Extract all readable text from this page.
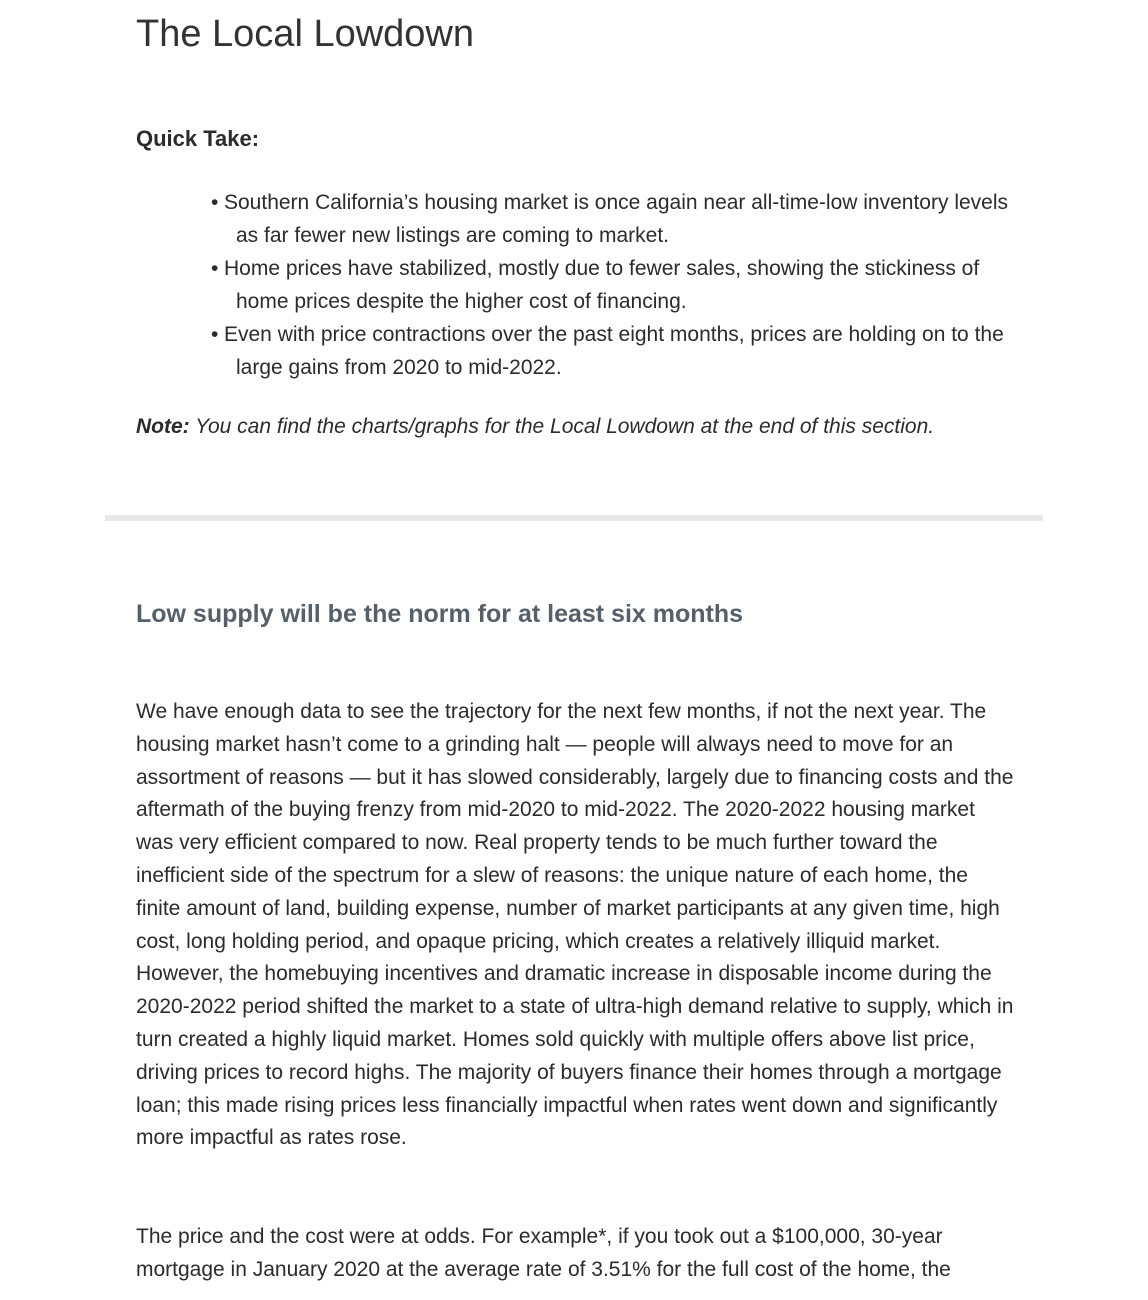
The Local Lowdown

Quick Take:

• Southern California’s housing market is once again near all-time-low inventory levels as far fewer new listings are coming to market.
• Home prices have stabilized, mostly due to fewer sales, showing the stickiness of home prices despite the higher cost of financing.
• Even with price contractions over the past eight months, prices are holding on to the large gains from 2020 to mid-2022.

Note: You can find the charts/graphs for the Local Lowdown at the end of this section.

Low supply will be the norm for at least six months

We have enough data to see the trajectory for the next few months, if not the next year. The housing market hasn’t come to a grinding halt — people will always need to move for an assortment of reasons — but it has slowed considerably, largely due to financing costs and the aftermath of the buying frenzy from mid-2020 to mid-2022. The 2020-2022 housing market was very efficient compared to now. Real property tends to be much further toward the inefficient side of the spectrum for a slew of reasons: the unique nature of each home, the finite amount of land, building expense, number of market participants at any given time, high cost, long holding period, and opaque pricing, which creates a relatively illiquid market. However, the homebuying incentives and dramatic increase in disposable income during the 2020-2022 period shifted the market to a state of ultra-high demand relative to supply, which in turn created a highly liquid market. Homes sold quickly with multiple offers above list price, driving prices to record highs. The majority of buyers finance their homes through a mortgage loan; this made rising prices less financially impactful when rates went down and significantly more impactful as rates rose.

The price and the cost were at odds. For example*, if you took out a $100,000, 30-year mortgage in January 2020 at the average rate of 3.51% for the full cost of the home, the
